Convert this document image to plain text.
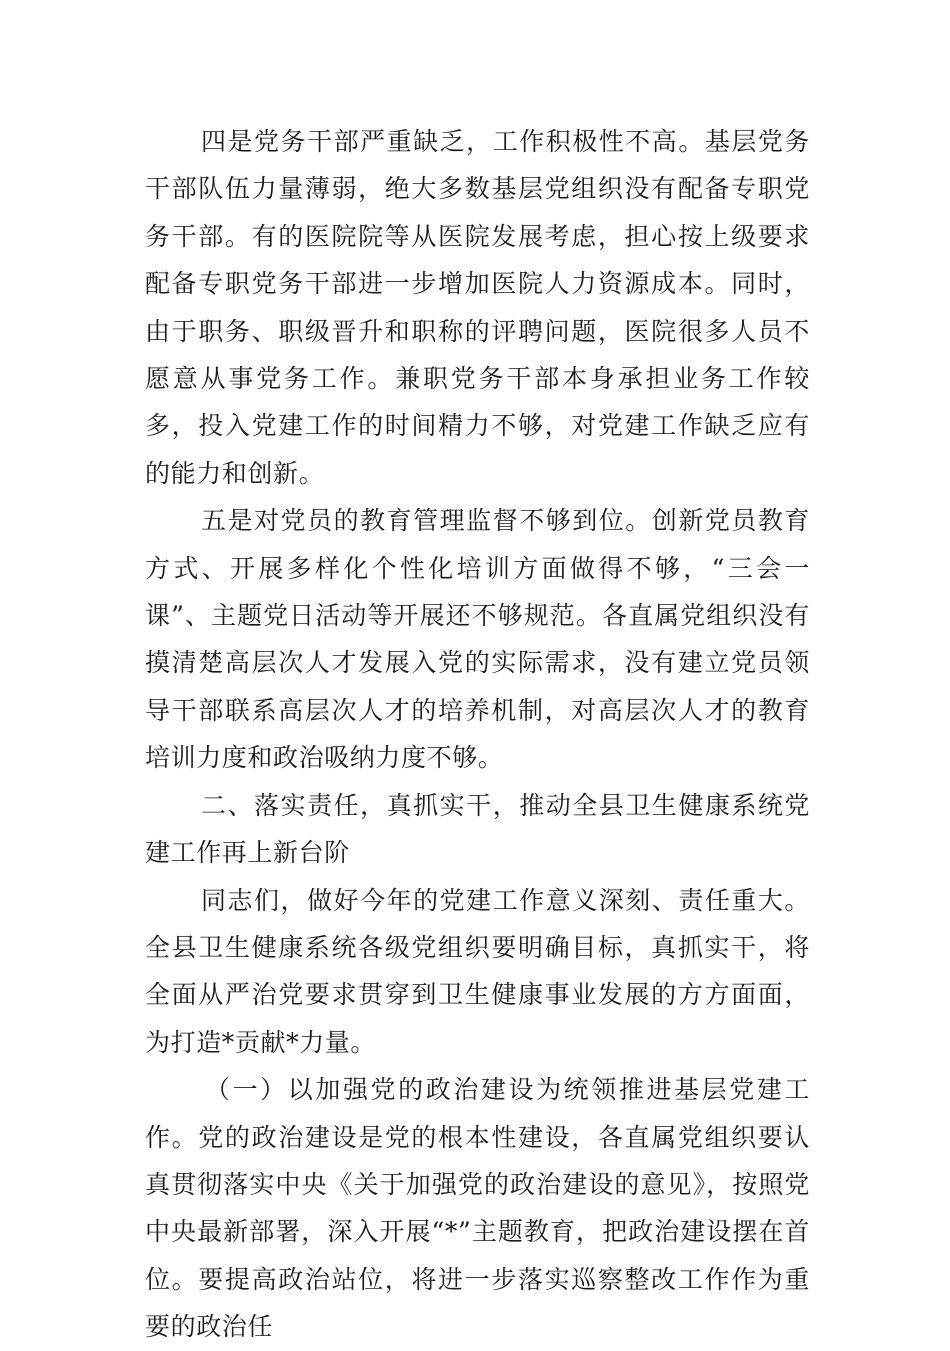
四是党务干部严重缺乏，工作积极性不高。基层党务干部队伍力量薄弱，绝大多数基层党组织没有配备专职党务干部。有的医院院等从医院发展考虑，担心按上级要求配备专职党务干部进一步增加医院人力资源成本。同时，由于职务、职级晋升和职称的评聘问题，医院很多人员不愿意从事党务工作。兼职党务干部本身承担业务工作较多，投入党建工作的时间精力不够，对党建工作缺乏应有的能力和创新。

五是对党员的教育管理监督不够到位。创新党员教育方式、开展多样化个性化培训方面做得不够，“三会一课”、主题党日活动等开展还不够规范。各直属党组织没有摸清楚高层次人才发展入党的实际需求，没有建立党员领导干部联系高层次人才的培养机制，对高层次人才的教育培训力度和政治吸纳力度不够。

二、落实责任，真抓实干，推动全县卫生健康系统党建工作再上新台阶

同志们，做好今年的党建工作意义深刻、责任重大。全县卫生健康系统各级党组织要明确目标，真抓实干，将全面从严治党要求贯穿到卫生健康事业发展的方方面面，为打造*贡献*力量。

（一）以加强党的政治建设为统领推进基层党建工作。党的政治建设是党的根本性建设，各直属党组织要认真贯彻落实中央《关于加强党的政治建设的意见》，按照党中央最新部署，深入开展“*”主题教育，把政治建设摆在首位。要提高政治站位，将进一步落实巡察整改工作作为重要的政治任
